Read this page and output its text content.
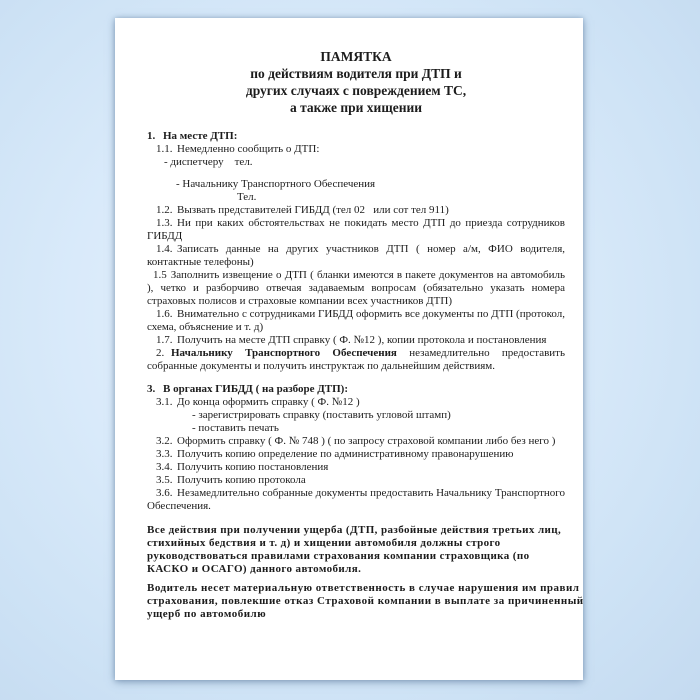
ПАМЯТКА
по действиям водителя при ДТП и
других случаях с повреждением ТС,
а также при хищении
1. На месте ДТП:

1.1. Немедленно сообщить о ДТП:

- диспетчеру    тел.
- Начальнику Транспортного Обеспечения
Тел.

1.2. Вызвать представителей ГИБДД (тел 02   или сот тел 911)

1.3. Ни при каких обстоятельствах не покидать место ДТП до приезда сотрудников ГИБДД

1.4. Записать данные на других участников ДТП ( номер а/м, ФИО водителя, контактные телефоны)

1.5 Заполнить извещение о ДТП ( бланки имеются в пакете документов на автомобиль ), четко и разборчиво отвечая задаваемым вопросам (обязательно указать номера страховых полисов и страховые компании всех участников ДТП)

1.6. Внимательно с сотрудниками ГИБДД оформить все документы по ДТП (протокол, схема, объяснение и т. д)

1.7. Получить на месте ДТП справку ( Ф. №12 ), копии протокола и постановления

2. Начальнику Транспортного Обеспечения незамедлительно предоставить собранные документы и получить инструктаж по дальнейшим действиям.

3. В органах ГИБДД ( на разборе ДТП):

3.1. До конца оформить справку ( Ф. №12 )

- зарегистрировать справку (поставить угловой штамп)
- поставить печать

3.2. Оформить справку ( Ф. № 748 ) ( по запросу страховой компании либо без него )

3.3. Получить копию определение по административному правонарушению

3.4. Получить копию постановления

3.5. Получить копию протокола

3.6. Незамедлительно собранные документы предоставить Начальнику Транспортного Обеспечения.

Все действия при получении ущерба (ДТП, разбойные действия третьих лиц,
стихийных бедствия и т. д) и хищении автомобиля должны строго
руководствоваться правилами страхования компании страховщика (по
КАСКО и ОСАГО) данного автомобиля.
Водитель несет материальную ответственность в случае нарушения им правил
страхования, повлекшие отказ Страховой компании в выплате за причиненный
ущерб по автомобилю
